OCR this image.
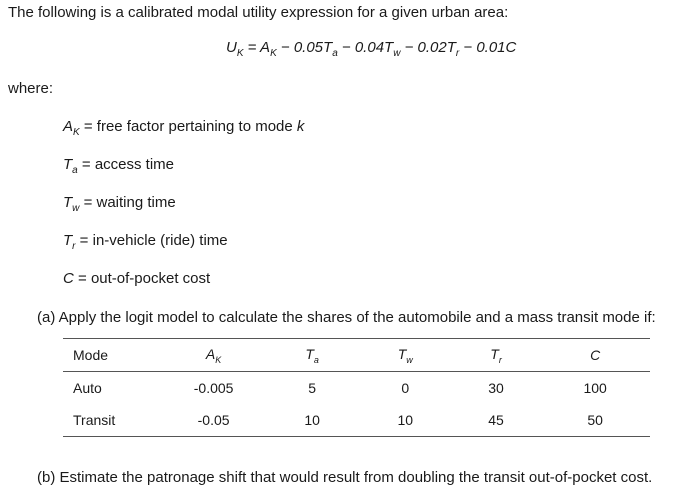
The following is a calibrated modal utility expression for a given urban area:
$U_K = A_K - 0.05T_a - 0.04T_w - 0.02T_r - 0.01C$
where:
$A_K$ = free factor pertaining to mode k
$T_a$ = access time
$T_w$ = waiting time
$T_r$ = in-vehicle (ride) time
C = out-of-pocket cost
(a) Apply the logit model to calculate the shares of the automobile and a mass transit mode if:
Mode	$A_K$	$T_a$	$T_w$	$T_r$	C
Auto	-0.005	5	0	30	100
Transit	-0.05	10	10	45	50
(b) Estimate the patronage shift that would result from doubling the transit out-of-pocket cost.
